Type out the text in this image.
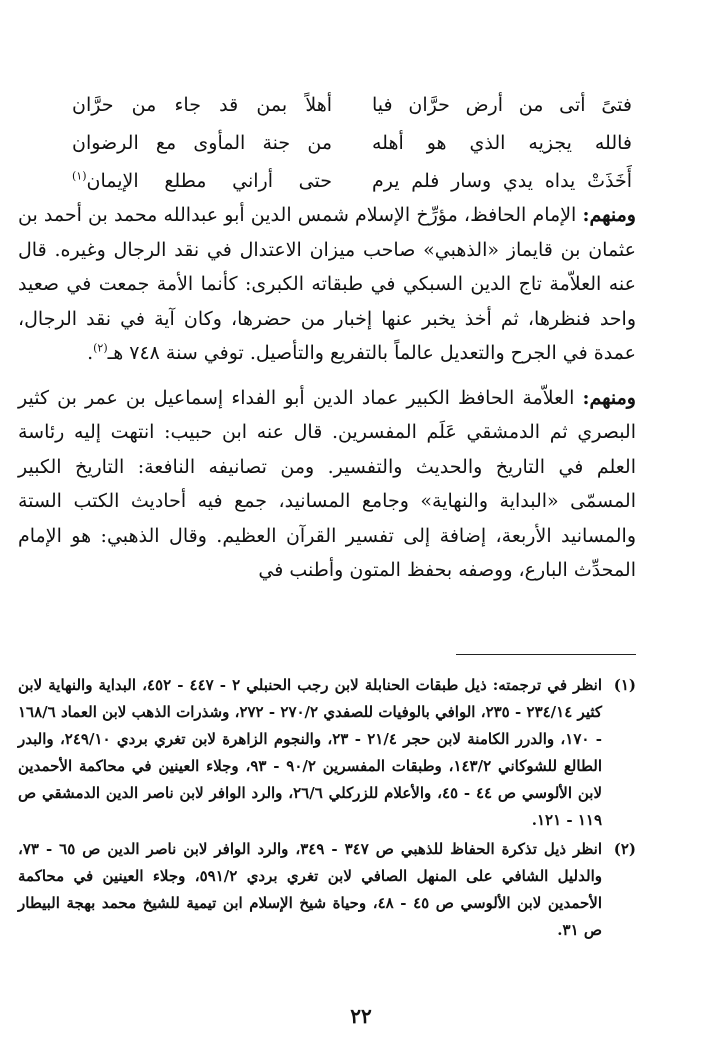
فتىً أتى من أرض حرَّان فيا
أهلاً بمن قد جاء من حرَّان
فالله يجزيه الذي هو أهله
من جنة المأوى مع الرضوان
أَخَذَتْ يداه يدي وسار فلم يرم
حتى أراني مطلع الإيمان$^{(١)}$

ومنهم: الإمام الحافظ، مؤرِّخ الإسلام شمس الدين أبو عبدالله محمد بن أحمد بن عثمان بن قايماز «الذهبي» صاحب ميزان الاعتدال في نقد الرجال وغيره. قال عنه العلاّمة تاج الدين السبكي في طبقاته الكبرى: كأنما الأمة جمعت في صعيد واحد فنظرها، ثم أخذ يخبر عنها إخبار من حضرها، وكان آية في نقد الرجال، عمدة في الجرح والتعديل عالماً بالتفريع والتأصيل. توفي سنة ٧٤٨ هـ$^{(٢)}$.

ومنهم: العلاّمة الحافظ الكبير عماد الدين أبو الفداء إسماعيل بن عمر بن كثير البصري ثم الدمشقي عَلَم المفسرين. قال عنه ابن حبيب: انتهت إليه رئاسة العلم في التاريخ والحديث والتفسير. ومن تصانيفه النافعة: التاريخ الكبير المسمّى «البداية والنهاية» وجامع المسانيد، جمع فيه أحاديث الكتب الستة والمسانيد الأربعة، إضافة إلى تفسير القرآن العظيم. وقال الذهبي: هو الإمام المحدِّث البارع، ووصفه بحفظ المتون وأطنب في

(١)
انظر في ترجمته: ذيل طبقات الحنابلة لابن رجب الحنبلي ٢ - ٤٤٧ - ٤٥٢، البداية والنهاية لابن كثير ٢٣٤/١٤ - ٢٣٥، الوافي بالوفيات للصفدي ٢٧٠/٢ - ٢٧٢، وشذرات الذهب لابن العماد ١٦٨/٦ - ١٧٠، والدرر الكامنة لابن حجر ٢١/٤ - ٢٣، والنجوم الزاهرة لابن تغري بردي ٢٤٩/١٠، والبدر الطالع للشوكاني ١٤٣/٢، وطبقات المفسرين ٩٠/٢ - ٩٣، وجلاء العينين في محاكمة الأحمدين لابن الألوسي ص ٤٤ - ٤٥، والأعلام للزركلي ٢٦/٦، والرد الوافر لابن ناصر الدين الدمشقي ص ١١٩ - ١٢١.
(٢)
انظر ذيل تذكرة الحفاظ للذهبي ص ٣٤٧ - ٣٤٩، والرد الوافر لابن ناصر الدين ص ٦٥ - ٧٣، والدليل الشافي على المنهل الصافي لابن تغري بردي ٥٩١/٢، وجلاء العينين في محاكمة الأحمدين لابن الألوسي ص ٤٥ - ٤٨، وحياة شيخ الإسلام ابن تيمية للشيخ محمد بهجة البيطار ص ٣١.
٢٢
